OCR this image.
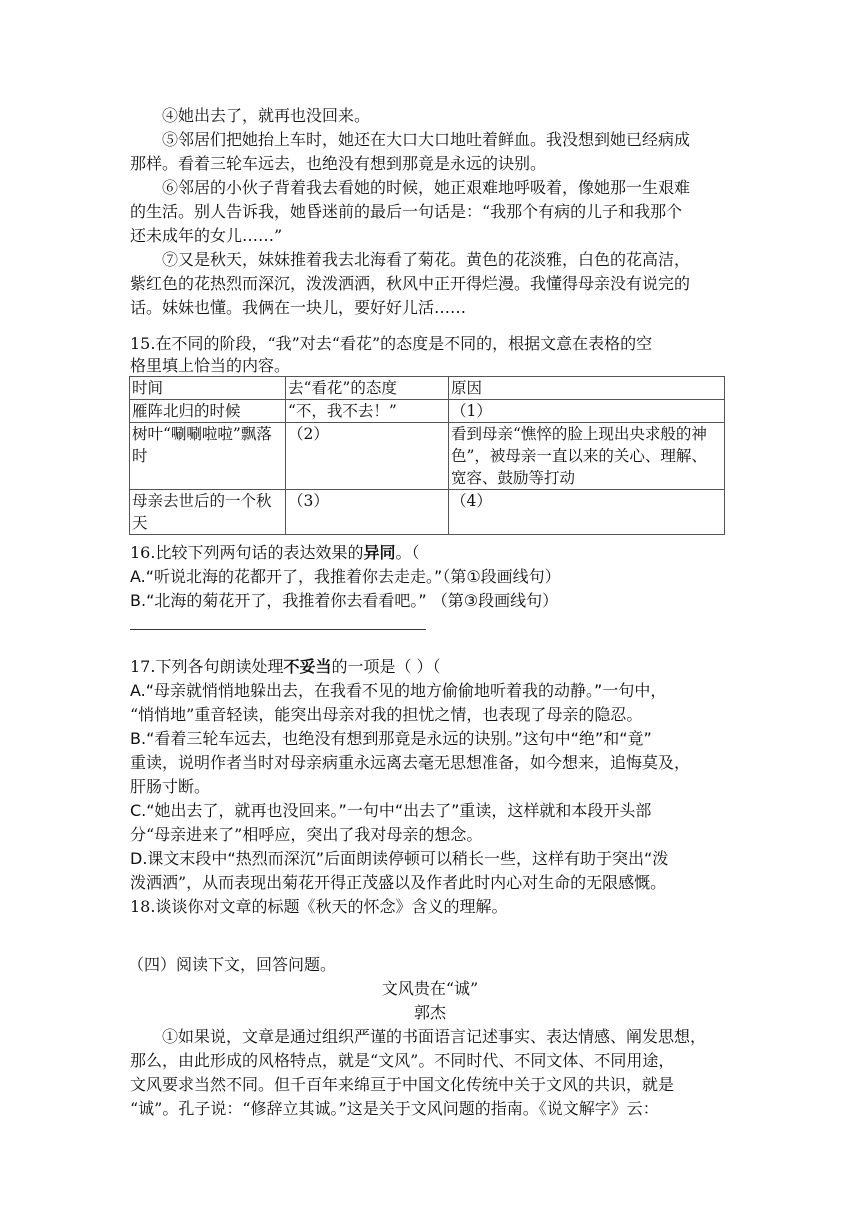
④她出去了，就再也没回来。
⑤邻居们把她抬上车时，她还在大口大口地吐着鲜血。我没想到她已经病成
那样。看着三轮车远去，也绝没有想到那竟是永远的诀别。
⑥邻居的小伙子背着我去看她的时候，她正艰难地呼吸着，像她那一生艰难
的生活。别人告诉我，她昏迷前的最后一句话是：“我那个有病的儿子和我那个
还未成年的女儿……”
⑦又是秋天，妹妹推着我去北海看了菊花。黄色的花淡雅，白色的花高洁，
紫红色的花热烈而深沉，泼泼洒洒，秋风中正开得烂漫。我懂得母亲没有说完的
话。妹妹也懂。我俩在一块儿，要好好儿活……
15.在不同的阶段，“我”对去“看花”的态度是不同的，根据文意在表格的空
格里填上恰当的内容。
时间	去“看花”的态度	原因
雁阵北归的时候	“不，我不去！”	（1）
树叶“唰唰啦啦”飘落时	（2）	看到母亲“憔悴的脸上现出央求般的神色”，被母亲一直以来的关心、理解、宽容、鼓励等打动
母亲去世后的一个秋天	（3）	（4）
16.比较下列两句话的表达效果的异同。（
A.“听说北海的花都开了，我推着你去走走。”（第①段画线句）
B.“北海的菊花开了，我推着你去看看吧。” （第③段画线句）
17.下列各句朗读处理不妥当的一项是（ ）（
A.“母亲就悄悄地躲出去，在我看不见的地方偷偷地听着我的动静。”一句中，
“悄悄地”重音轻读，能突出母亲对我的担忧之情，也表现了母亲的隐忍。
B.“看着三轮车远去，也绝没有想到那竟是永远的诀别。”这句中“绝”和“竟”
重读，说明作者当时对母亲病重永远离去毫无思想准备，如今想来，追悔莫及，
肝肠寸断。
C.“她出去了，就再也没回来。”一句中“出去了”重读，这样就和本段开头部
分“母亲进来了”相呼应，突出了我对母亲的想念。
D.课文末段中“热烈而深沉”后面朗读停顿可以稍长一些，这样有助于突出“泼
泼洒洒”，从而表现出菊花开得正茂盛以及作者此时内心对生命的无限感慨。
18.谈谈你对文章的标题《秋天的怀念》含义的理解。
（四）阅读下文，回答问题。
文风贵在“诚”
郭杰
①如果说，文章是通过组织严谨的书面语言记述事实、表达情感、阐发思想，
那么，由此形成的风格特点，就是“文风”。不同时代、不同文体、不同用途，
文风要求当然不同。但千百年来绵亘于中国文化传统中关于文风的共识，就是
“诚”。孔子说：“修辞立其诚。”这是关于文风问题的指南。《说文解字》云：
